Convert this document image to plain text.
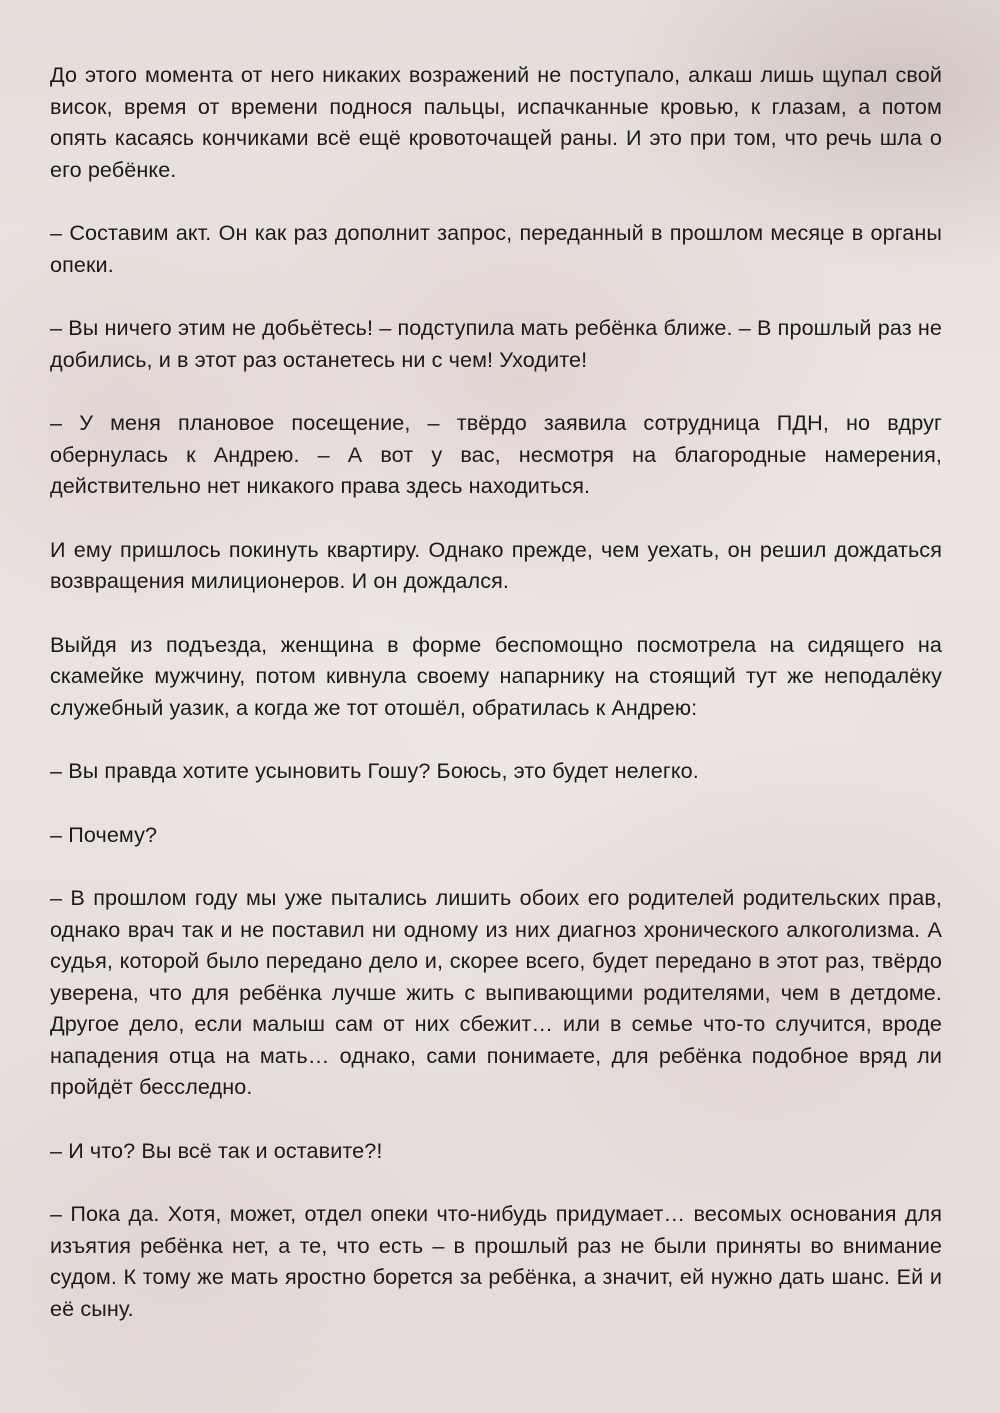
До этого момента от него никаких возражений не поступало, алкаш лишь щупал свой висок, время от времени поднося пальцы, испачканные кровью, к глазам, а потом опять касаясь кончиками всё ещё кровоточащей раны. И это при том, что речь шла о его ребёнке.

– Составим акт. Он как раз дополнит запрос, переданный в прошлом месяце в органы опеки.

– Вы ничего этим не добьётесь! – подступила мать ребёнка ближе. – В прошлый раз не добились, и в этот раз останетесь ни с чем! Уходите!

– У меня плановое посещение, – твёрдо заявила сотрудница ПДН, но вдруг обернулась к Андрею. – А вот у вас, несмотря на благородные намерения, действительно нет никакого права здесь находиться.

И ему пришлось покинуть квартиру. Однако прежде, чем уехать, он решил дождаться возвращения милиционеров. И он дождался.

Выйдя из подъезда, женщина в форме беспомощно посмотрела на сидящего на скамейке мужчину, потом кивнула своему напарнику на стоящий тут же неподалёку служебный уазик, а когда же тот отошёл, обратилась к Андрею:

– Вы правда хотите усыновить Гошу? Боюсь, это будет нелегко.

– Почему?

– В прошлом году мы уже пытались лишить обоих его родителей родительских прав, однако врач так и не поставил ни одному из них диагноз хронического алкоголизма. А судья, которой было передано дело и, скорее всего, будет передано в этот раз, твёрдо уверена, что для ребёнка лучше жить с выпивающими родителями, чем в детдоме. Другое дело, если малыш сам от них сбежит… или в семье что-то случится, вроде нападения отца на мать… однако, сами понимаете, для ребёнка подобное вряд ли пройдёт бесследно.

– И что? Вы всё так и оставите?!

– Пока да. Хотя, может, отдел опеки что-нибудь придумает… весомых основания для изъятия ребёнка нет, а те, что есть – в прошлый раз не были приняты во внимание судом. К тому же мать яростно борется за ребёнка, а значит, ей нужно дать шанс. Ей и её сыну.
